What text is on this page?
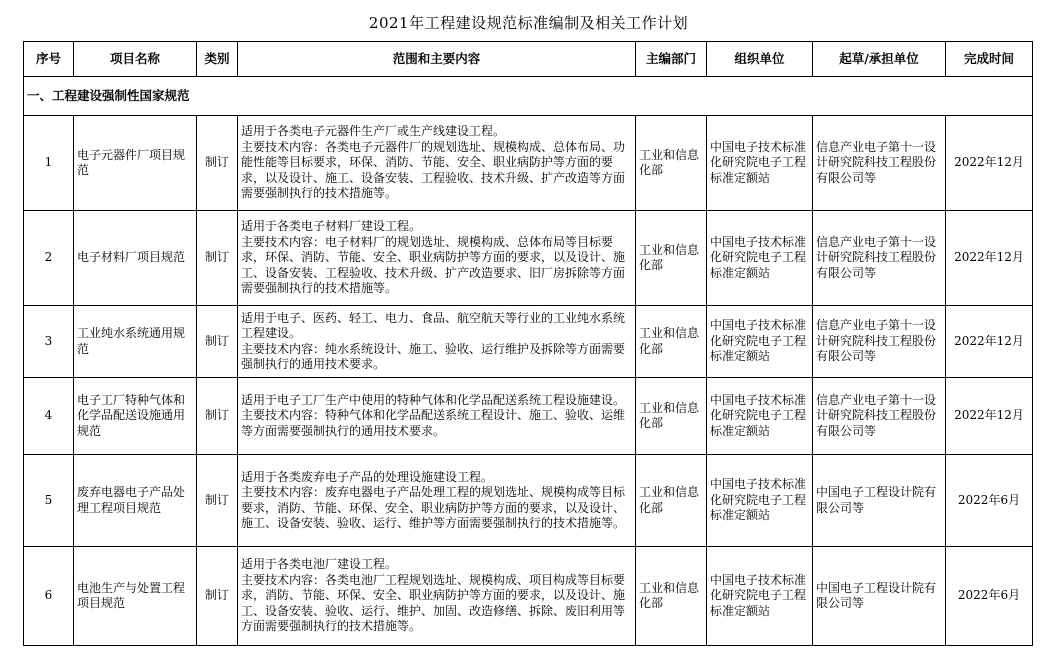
2021年工程建设规范标准编制及相关工作计划
序号	项目名称	类别	范围和主要内容	主编部门	组织单位	起草/承担单位	完成时间
一、工程建设强制性国家规范							
1	电子元器件厂项目规范	制订	适用于各类电子元器件生产厂或生产线建设工程。
主要技术内容：各类电子元器件厂的规划选址、规模构成、总体布局、功能性能等目标要求，环保、消防、节能、安全、职业病防护等方面的要求，以及设计、施工、设备安装、工程验收、技术升级、扩产改造等方面需要强制执行的技术措施等。	工业和信息化部	中国电子技术标准化研究院电子工程标准定额站	信息产业电子第十一设计研究院科技工程股份有限公司等	2022年12月
2	电子材料厂项目规范	制订	适用于各类电子材料厂建设工程。
主要技术内容：电子材料厂的规划选址、规模构成、总体布局等目标要求，环保、消防、节能、安全、职业病防护等方面的要求，以及设计、施工、设备安装、工程验收、技术升级、扩产改造要求、旧厂房拆除等方面需要强制执行的技术措施等。	工业和信息化部	中国电子技术标准化研究院电子工程标准定额站	信息产业电子第十一设计研究院科技工程股份有限公司等	2022年12月
3	工业纯水系统通用规范	制订	适用于电子、医药、轻工、电力、食品、航空航天等行业的工业纯水系统工程建设。
主要技术内容：纯水系统设计、施工、验收、运行维护及拆除等方面需要强制执行的通用技术要求。	工业和信息化部	中国电子技术标准化研究院电子工程标准定额站	信息产业电子第十一设计研究院科技工程股份有限公司等	2022年12月
4	电子工厂特种气体和化学品配送设施通用规范	制订	适用于电子工厂生产中使用的特种气体和化学品配送系统工程设施建设。
主要技术内容：特种气体和化学品配送系统工程设计、施工、验收、运维等方面需要强制执行的通用技术要求。	工业和信息化部	中国电子技术标准化研究院电子工程标准定额站	信息产业电子第十一设计研究院科技工程股份有限公司等	2022年12月
5	废弃电器电子产品处理工程项目规范	制订	适用于各类废弃电子产品的处理设施建设工程。
主要技术内容：废弃电器电子产品处理工程的规划选址、规模构成等目标要求，消防、节能、环保、安全、职业病防护等方面的要求，以及设计、施工、设备安装、验收、运行、维护等方面需要强制执行的技术措施等。	工业和信息化部	中国电子技术标准化研究院电子工程标准定额站	中国电子工程设计院有限公司等	2022年6月
6	电池生产与处置工程项目规范	制订	适用于各类电池厂建设工程。
主要技术内容：各类电池厂工程规划选址、规模构成、项目构成等目标要求，消防、节能、环保、安全、职业病防护等方面的要求，以及设计、施工、设备安装、验收、运行、维护、加固、改造修缮、拆除、废旧利用等方面需要强制执行的技术措施等。	工业和信息化部	中国电子技术标准化研究院电子工程标准定额站	中国电子工程设计院有限公司等	2022年6月
